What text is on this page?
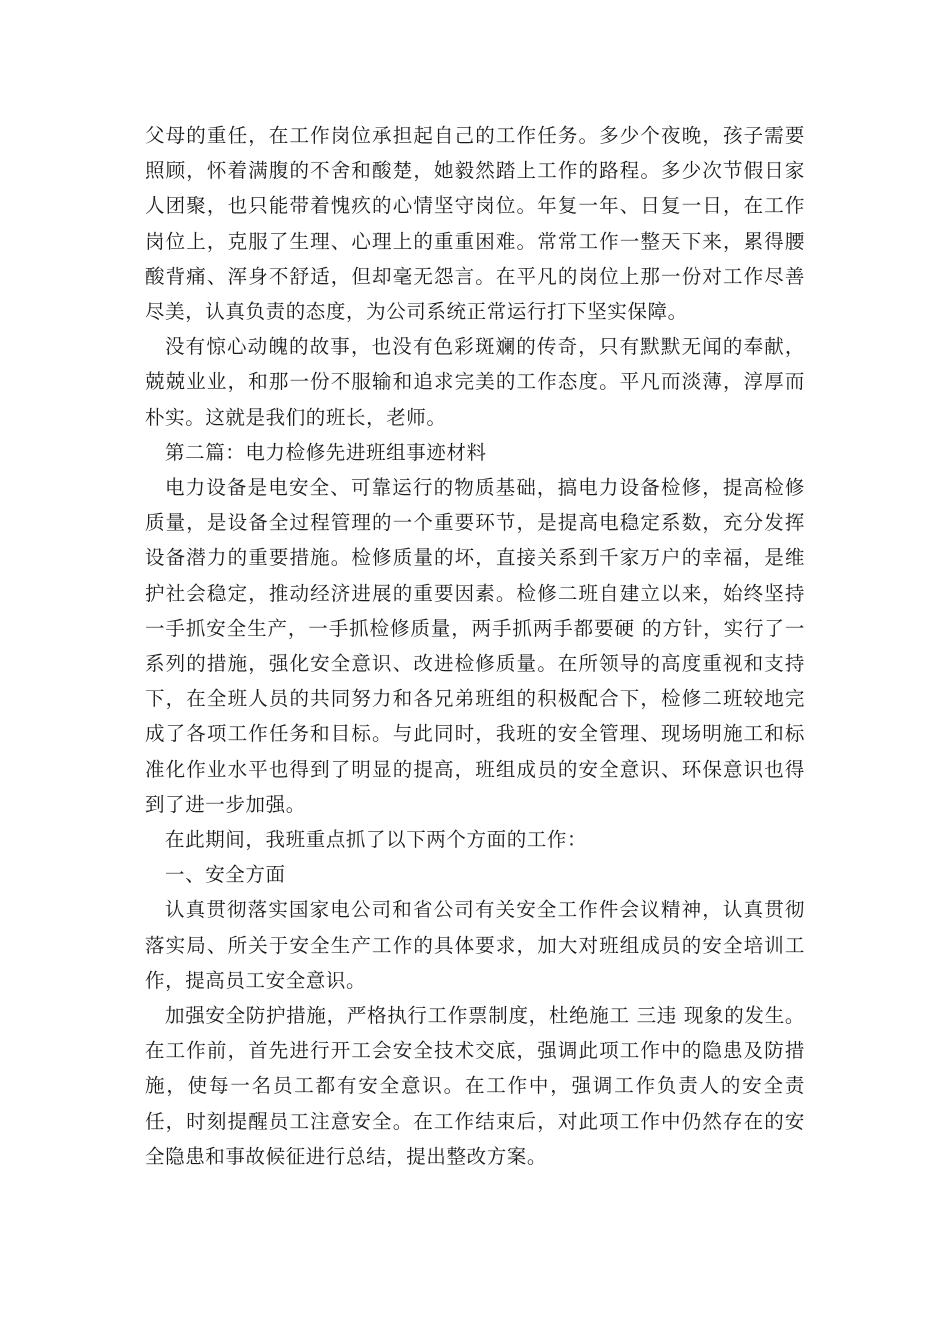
父母的重任，在工作岗位承担起自己的工作任务。多少个夜晚，孩子需要照顾，怀着满腹的不舍和酸楚，她毅然踏上工作的路程。多少次节假日家人团聚，也只能带着愧疚的心情坚守岗位。年复一年、日复一日，在工作岗位上，克服了生理、心理上的重重困难。常常工作一整天下来，累得腰酸背痛、浑身不舒适，但却毫无怨言。在平凡的岗位上那一份对工作尽善尽美，认真负责的态度，为公司系统正常运行打下坚实保障。

没有惊心动魄的故事，也没有色彩斑斓的传奇，只有默默无闻的奉献，兢兢业业，和那一份不服输和追求完美的工作态度。平凡而淡薄，淳厚而朴实。这就是我们的班长，老师。

第二篇：电力检修先进班组事迹材料

电力设备是电安全、可靠运行的物质基础，搞电力设备检修，提高检修质量，是设备全过程管理的一个重要环节，是提高电稳定系数，充分发挥设备潜力的重要措施。检修质量的坏，直接关系到千家万户的幸福，是维护社会稳定，推动经济进展的重要因素。检修二班自建立以来，始终坚持 一手抓安全生产，一手抓检修质量，两手抓两手都要硬 的方针，实行了一系列的措施，强化安全意识、改进检修质量。在所领导的高度重视和支持下，在全班人员的共同努力和各兄弟班组的积极配合下，检修二班较地完成了各项工作任务和目标。与此同时，我班的安全管理、现场明施工和标准化作业水平也得到了明显的提高，班组成员的安全意识、环保意识也得到了进一步加强。

在此期间，我班重点抓了以下两个方面的工作：

一、安全方面

认真贯彻落实国家电公司和省公司有关安全工作件会议精神，认真贯彻落实局、所关于安全生产工作的具体要求，加大对班组成员的安全培训工作，提高员工安全意识。

加强安全防护措施，严格执行工作票制度，杜绝施工 三违 现象的发生。在工作前，首先进行开工会安全技术交底，强调此项工作中的隐患及防措施，使每一名员工都有安全意识。在工作中，强调工作负责人的安全责任，时刻提醒员工注意安全。在工作结束后，对此项工作中仍然存在的安全隐患和事故候征进行总结，提出整改方案。
